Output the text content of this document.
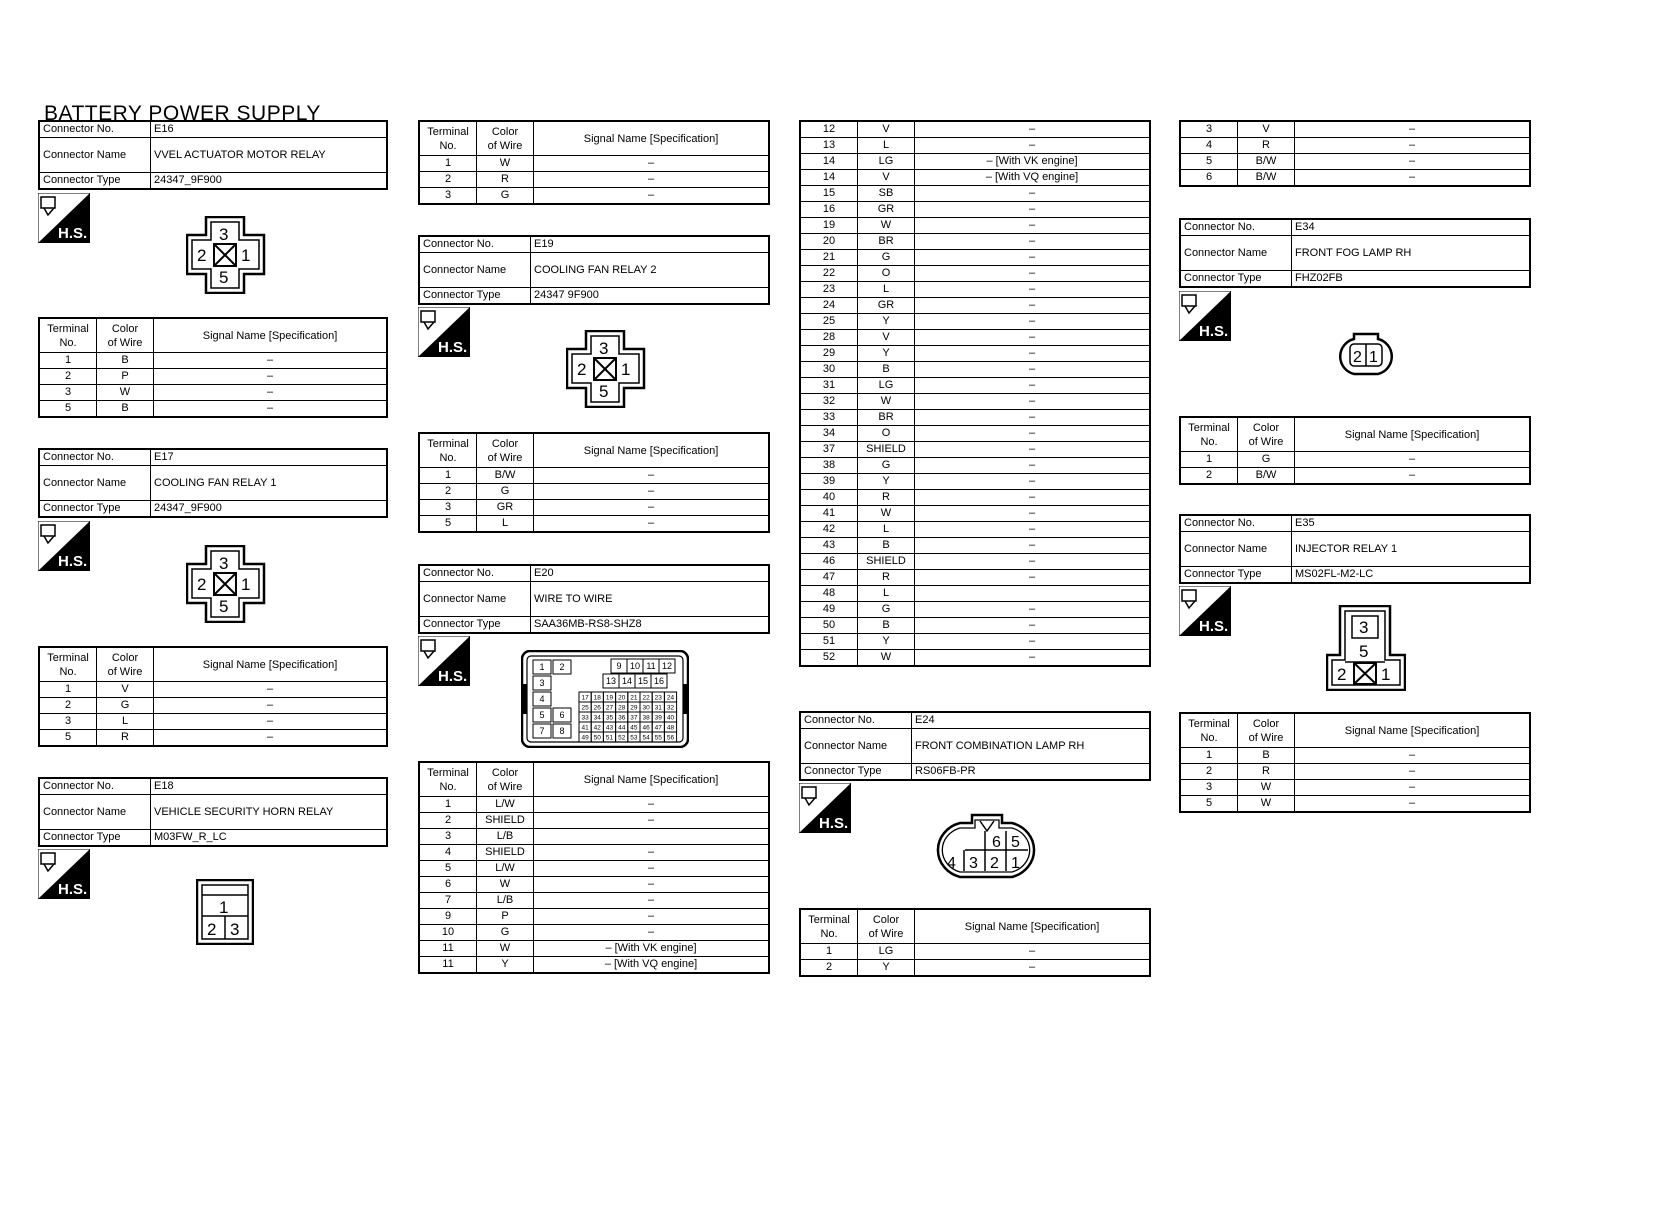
BATTERY POWER SUPPLY
Connector No.	E16
Connector Name	VVEL ACTUATOR MOTOR RELAY
Connector Type	24347_9F900
H.S.	3
2 1
5
Terminal
No.	Color
of Wire	Signal Name [Specification]
1	B	–
2	P	–
3	W	–
5	B	–
Connector No.	E17
Connector Name	COOLING FAN RELAY 1
Connector Type	24347_9F900
H.S.	3
2 1
5
Terminal
No.	Color
of Wire	Signal Name [Specification]
1	V	–
2	G	–
3	L	–
5	R	–
Connector No.	E18
Connector Name	VEHICLE SECURITY HORN RELAY
Connector Type	M03FW_R_LC
H.S.
1
2 3
Terminal
No.	Color
of Wire	Signal Name [Specification]
1	W	–
2	R	–
3	G	–
Connector No.	E19
Connector Name	COOLING FAN RELAY 2
Connector Type	24347 9F900
H.S.	3
2 1
5
Terminal
No.	Color
of Wire	Signal Name [Specification]
1	B/W	–
2	G	–
3	GR	–
5	L	–
Connector No.	E20
Connector Name	WIRE TO WIRE
Connector Type	SAA36MB-RS8-SHZ8
H.S.
1 2
3
4
5 6
7 8
9 10 11 12
13 14 15 16
17 18 19 20 21 22 23 24
25 26 27 28 29 30 31 32
33 34 35 36 37 38 39 40
41 42 43 44 45 46 47 48
49 50 51 52 53 54 55 56
Terminal
No.	Color
of Wire	Signal Name [Specification]
1	L/W	–
2	SHIELD	–
3	L/B	
4	SHIELD	–
5	L/W	–
6	W	–
7	L/B	–
9	P	–
10	G	–
11	W	– [With VK engine]
11	Y	– [With VQ engine]
12	V	–
13	L	–
14	LG	– [With VK engine]
14	V	– [With VQ engine]
15	SB	–
16	GR	–
19	W	–
20	BR	–
21	G	–
22	O	–
23	L	–
24	GR	–
25	Y	–
28	V	–
29	Y	–
30	B	–
31	LG	–
32	W	–
33	BR	–
34	O	–
37	SHIELD	–
38	G	–
39	Y	–
40	R	–
41	W	–
42	L	–
43	B	–
46	SHIELD	–
47	R	–
48	L	
49	G	–
50	B	–
51	Y	–
52	W	–
Connector No.	E24
Connector Name	FRONT COMBINATION LAMP RH
Connector Type	RS06FB-PR
H.S.
6 5
4 3 2 1
Terminal
No.	Color
of Wire	Signal Name [Specification]
1	LG	–
2	Y	–
3	V	–
4	R	–
5	B/W	–
6	B/W	–
Connector No.	E34
Connector Name	FRONT FOG LAMP RH
Connector Type	FHZ02FB
H.S.
2 1
Terminal
No.	Color
of Wire	Signal Name [Specification]
1	G	–
2	B/W	–
Connector No.	E35
Connector Name	INJECTOR RELAY 1
Connector Type	MS02FL-M2-LC
H.S.	3
5
2 1
Terminal
No.	Color
of Wire	Signal Name [Specification]
1	B	–
2	R	–
3	W	–
5	W	–
